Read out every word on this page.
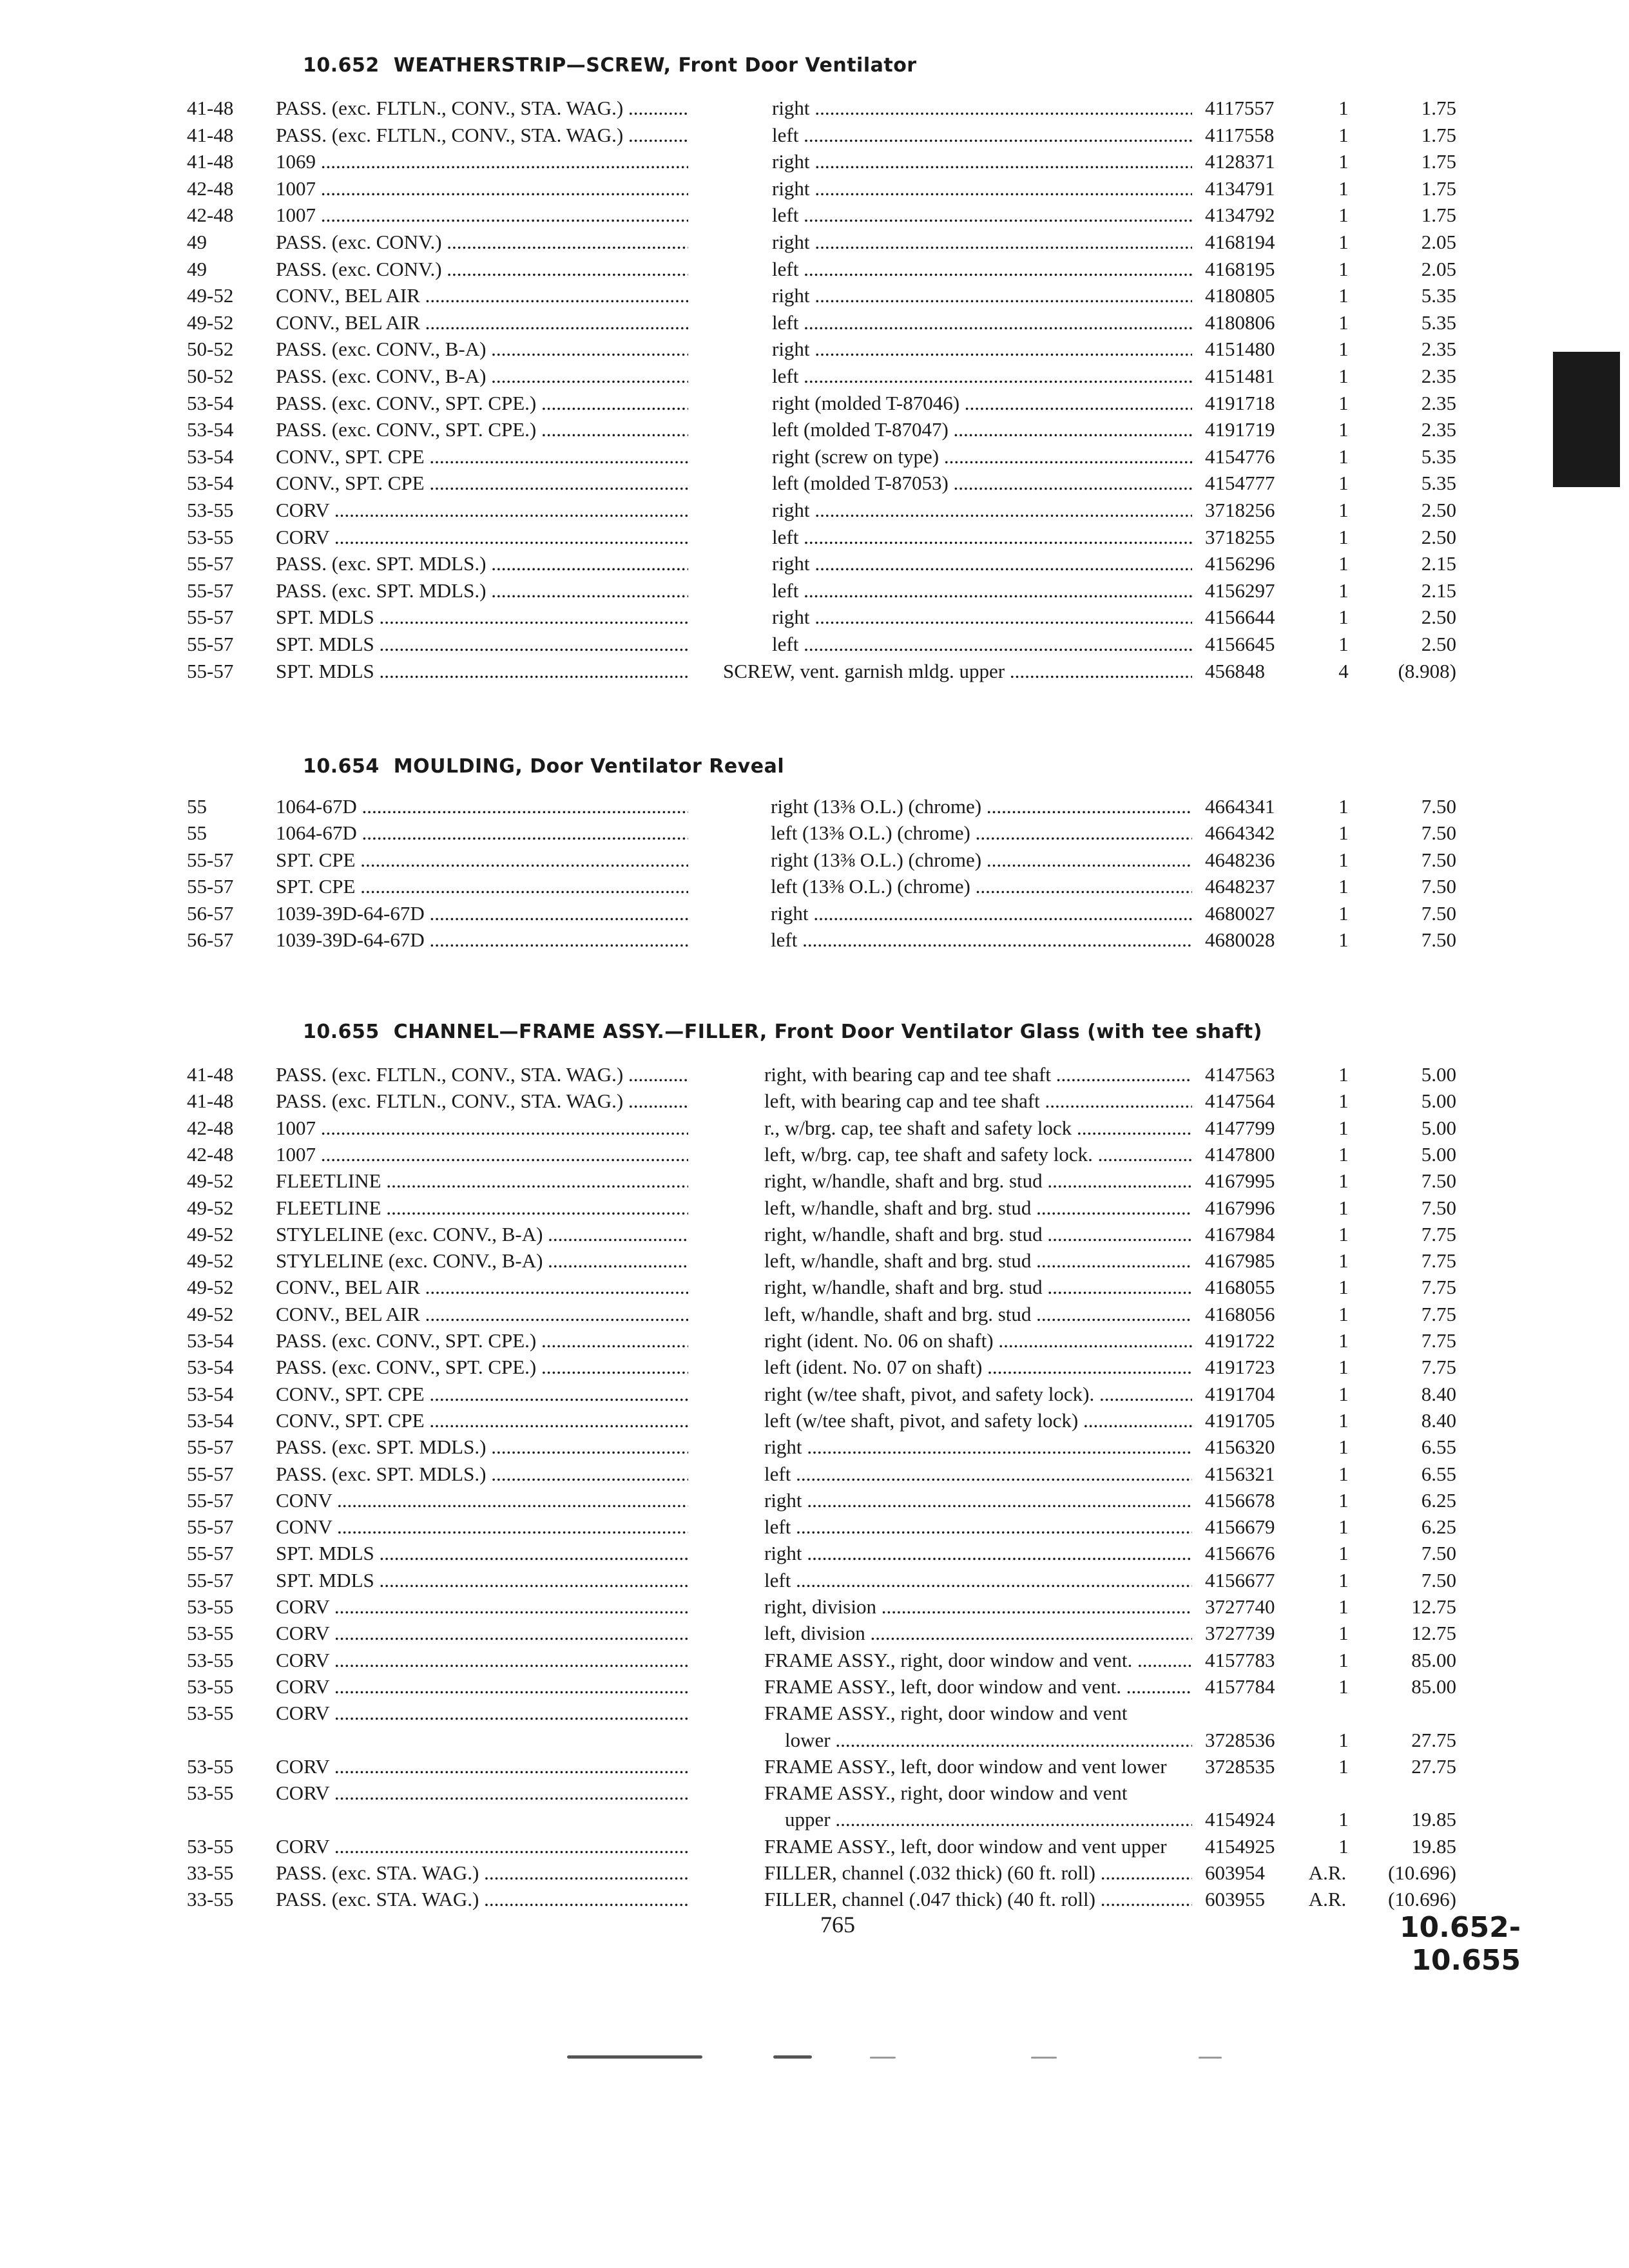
10.652 WEATHERSTRIP—SCREW, Front Door Ventilator
41-48	PASS. (exc. FLTLN., CONV., STA. WAG.) .....	right .....	4117557	1	1.75
41-48	PASS. (exc. FLTLN., CONV., STA. WAG.) .....	left .....	4117558	1	1.75
41-48	1069 .....	right .....	4128371	1	1.75
42-48	1007 .....	right .....	4134791	1	1.75
42-48	1007 .....	left .....	4134792	1	1.75
49	PASS. (exc. CONV.) .....	right .....	4168194	1	2.05
49	PASS. (exc. CONV.) .....	left .....	4168195	1	2.05
49-52	CONV., BEL AIR .....	right .....	4180805	1	5.35
49-52	CONV., BEL AIR .....	left .....	4180806	1	5.35
50-52	PASS. (exc. CONV., B-A) .....	right .....	4151480	1	2.35
50-52	PASS. (exc. CONV., B-A) .....	left .....	4151481	1	2.35
53-54	PASS. (exc. CONV., SPT. CPE.) .....	right (molded T-87046) .....	4191718	1	2.35
53-54	PASS. (exc. CONV., SPT. CPE.) .....	left (molded T-87047) .....	4191719	1	2.35
53-54	CONV., SPT. CPE .....	right (screw on type) .....	4154776	1	5.35
53-54	CONV., SPT. CPE .....	left (molded T-87053) .....	4154777	1	5.35
53-55	CORV .....	right .....	3718256	1	2.50
53-55	CORV .....	left .....	3718255	1	2.50
55-57	PASS. (exc. SPT. MDLS.) .....	right .....	4156296	1	2.15
55-57	PASS. (exc. SPT. MDLS.) .....	left .....	4156297	1	2.15
55-57	SPT. MDLS .....	right .....	4156644	1	2.50
55-57	SPT. MDLS .....	left .....	4156645	1	2.50
55-57	SPT. MDLS .....	SCREW, vent. garnish mldg. upper .....	456848	4	(8.908)
10.654 MOULDING, Door Ventilator Reveal
55	1064-67D .....	right (13⅜ O.L.) (chrome) .....	4664341	1	7.50
55	1064-67D .....	left (13⅜ O.L.) (chrome) .....	4664342	1	7.50
55-57	SPT. CPE .....	right (13⅜ O.L.) (chrome) .....	4648236	1	7.50
55-57	SPT. CPE .....	left (13⅜ O.L.) (chrome) .....	4648237	1	7.50
56-57	1039-39D-64-67D .....	right .....	4680027	1	7.50
56-57	1039-39D-64-67D .....	left .....	4680028	1	7.50
10.655 CHANNEL—FRAME ASSY.—FILLER, Front Door Ventilator Glass (with tee shaft)
41-48	PASS. (exc. FLTLN., CONV., STA. WAG.) .....	right, with bearing cap and tee shaft .....	4147563	1	5.00
41-48	PASS. (exc. FLTLN., CONV., STA. WAG.) .....	left, with bearing cap and tee shaft .....	4147564	1	5.00
42-48	1007 .....	r., w/brg. cap, tee shaft and safety lock .....	4147799	1	5.00
42-48	1007 .....	left, w/brg. cap, tee shaft and safety lock. .....	4147800	1	5.00
49-52	FLEETLINE .....	right, w/handle, shaft and brg. stud .....	4167995	1	7.50
49-52	FLEETLINE .....	left, w/handle, shaft and brg. stud .....	4167996	1	7.50
49-52	STYLELINE (exc. CONV., B-A) .....	right, w/handle, shaft and brg. stud .....	4167984	1	7.75
49-52	STYLELINE (exc. CONV., B-A) .....	left, w/handle, shaft and brg. stud .....	4167985	1	7.75
49-52	CONV., BEL AIR .....	right, w/handle, shaft and brg. stud .....	4168055	1	7.75
49-52	CONV., BEL AIR .....	left, w/handle, shaft and brg. stud .....	4168056	1	7.75
53-54	PASS. (exc. CONV., SPT. CPE.) .....	right (ident. No. 06 on shaft) .....	4191722	1	7.75
53-54	PASS. (exc. CONV., SPT. CPE.) .....	left (ident. No. 07 on shaft) .....	4191723	1	7.75
53-54	CONV., SPT. CPE .....	right (w/tee shaft, pivot, and safety lock). .....	4191704	1	8.40
53-54	CONV., SPT. CPE .....	left (w/tee shaft, pivot, and safety lock) .....	4191705	1	8.40
55-57	PASS. (exc. SPT. MDLS.) .....	right .....	4156320	1	6.55
55-57	PASS. (exc. SPT. MDLS.) .....	left .....	4156321	1	6.55
55-57	CONV .....	right .....	4156678	1	6.25
55-57	CONV .....	left .....	4156679	1	6.25
55-57	SPT. MDLS .....	right .....	4156676	1	7.50
55-57	SPT. MDLS .....	left .....	4156677	1	7.50
53-55	CORV .....	right, division .....	3727740	1	12.75
53-55	CORV .....	left, division .....	3727739	1	12.75
53-55	CORV .....	FRAME ASSY., right, door window and vent. .....	4157783	1	85.00
53-55	CORV .....	FRAME ASSY., left, door window and vent. .....	4157784	1	85.00
53-55	CORV .....	FRAME ASSY., right, door window and vent
lower .....	3728536	1	27.75
53-55	CORV .....	FRAME ASSY., left, door window and vent lower	3728535	1	27.75
53-55	CORV .....	FRAME ASSY., right, door window and vent
upper .....	4154924	1	19.85
53-55	CORV .....	FRAME ASSY., left, door window and vent upper	4154925	1	19.85
33-55	PASS. (exc. STA. WAG.) .....	FILLER, channel (.032 thick) (60 ft. roll) .....	603954	A.R.	(10.696)
33-55	PASS. (exc. STA. WAG.) .....	FILLER, channel (.047 thick) (40 ft. roll) .....	603955	A.R.	(10.696)
765	10.652-10.655
